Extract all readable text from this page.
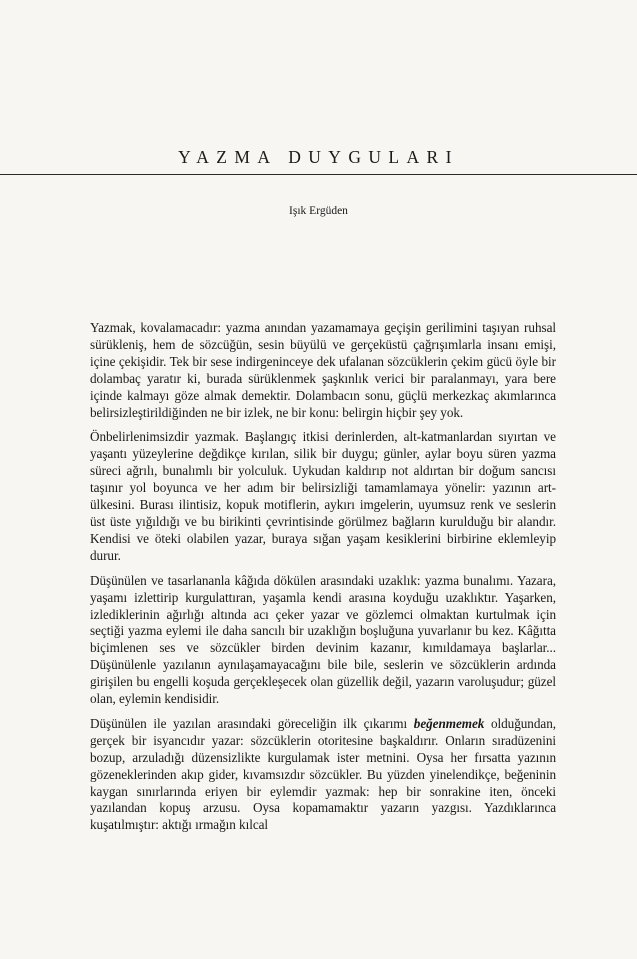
YAZMA DUYGULARI
Işık Ergüden

Yazmak, kovalamacadır: yazma anından yazamamaya geçişin gerilimini taşıyan ruhsal sürükleniş, hem de sözcüğün, sesin büyülü ve gerçeküstü çağrışımlarla insanı emişi, içine çekişidir. Tek bir sese indirgeninceye dek ufalanan sözcüklerin çekim gücü öyle bir dolambaç yaratır ki, burada sürüklenmek şaşkınlık verici bir paralanmayı, yara bere içinde kalmayı göze almak demektir. Dolambacın sonu, güçlü merkezkaç akımlarınca belirsizleştirildiğinden ne bir izlek, ne bir konu: belirgin hiçbir şey yok.

Önbelirlenimsizdir yazmak. Başlangıç itkisi derinlerden, alt-katmanlardan sıyırtan ve yaşantı yüzeylerine değdikçe kırılan, silik bir duygu; günler, aylar boyu süren yazma süreci ağrılı, bunalımlı bir yolculuk. Uykudan kaldırıp not aldırtan bir doğum sancısı taşınır yol boyunca ve her adım bir belirsizliği tamamlamaya yönelir: yazının art-ülkesini. Burası ilintisiz, kopuk motiflerin, aykırı imgelerin, uyumsuz renk ve seslerin üst üste yığıldığı ve bu birikinti çevrintisinde görülmez bağların kurulduğu bir alandır. Kendisi ve öteki olabilen yazar, buraya sığan yaşam kesiklerini birbirine eklemleyip durur.

Düşünülen ve tasarlananla kâğıda dökülen arasındaki uzaklık: yazma bunalımı. Yazara, yaşamı izlettirip kurgulattıran, yaşamla kendi arasına koyduğu uzaklıktır. Yaşarken, izlediklerinin ağırlığı altında acı çeker yazar ve gözlemci olmaktan kurtulmak için seçtiği yazma eylemi ile daha sancılı bir uzaklığın boşluğuna yuvarlanır bu kez. Kâğıtta biçimlenen ses ve sözcükler birden devinim kazanır, kımıldamaya başlarlar... Düşünülenle yazılanın aynılaşamayacağını bile bile, seslerin ve sözcüklerin ardında girişilen bu engelli koşuda gerçekleşecek olan güzellik değil, yazarın varoluşudur; güzel olan, eylemin kendisidir.

Düşünülen ile yazılan arasındaki göreceliğin ilk çıkarımı beğenmemek olduğundan, gerçek bir isyancıdır yazar: sözcüklerin otoritesine başkaldırır. Onların sıradüzenini bozup, arzuladığı düzensizlikte kurgulamak ister metnini. Oysa her fırsatta yazının gözeneklerinden akıp gider, kıvamsızdır sözcükler. Bu yüzden yinelendikçe, beğeninin kaygan sınırlarında eriyen bir eylemdir yazmak: hep bir sonrakine iten, önceki yazılandan kopuş arzusu. Oysa kopamamaktır yazarın yazgısı. Yazdıklarınca kuşatılmıştır: aktığı ırmağın kılcal
